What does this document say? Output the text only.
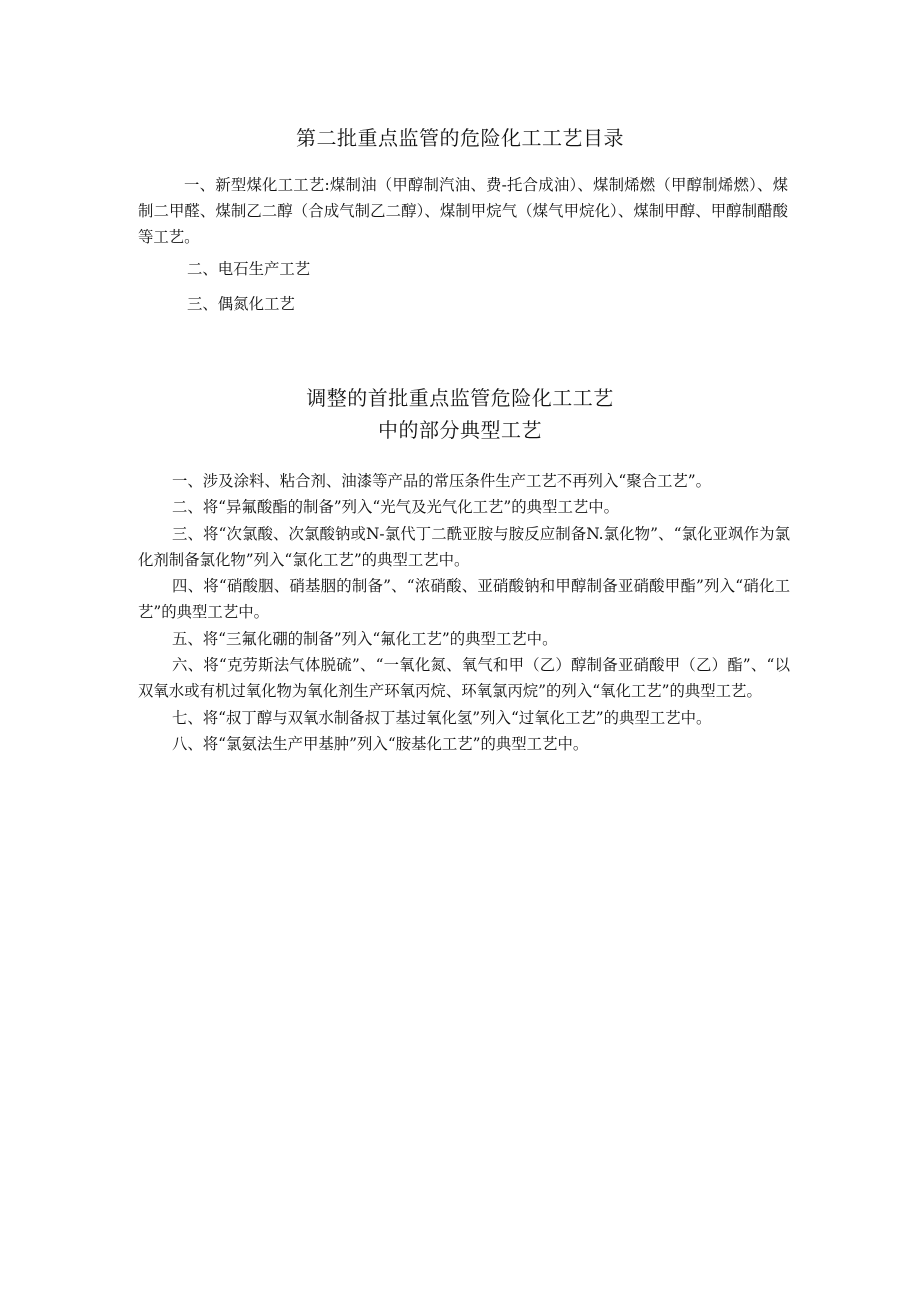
第二批重点监管的危险化工工艺目录

一、新型煤化工工艺:煤制油（甲醇制汽油、费-托合成油）、煤制烯燃（甲醇制烯燃）、煤制二甲醛、煤制乙二醇（合成气制乙二醇）、煤制甲烷气（煤气甲烷化）、煤制甲醇、甲醇制醋酸等工艺。

二、电石生产工艺

三、偶氮化工艺

调整的首批重点监管危险化工工艺
中的部分典型工艺

一、涉及涂料、粘合剂、油漆等产品的常压条件生产工艺不再列入“聚合工艺”。

二、将“异氟酸酯的制备”列入“光气及光气化工艺”的典型工艺中。

三、将“次氯酸、次氯酸钠或N-氯代丁二酰亚胺与胺反应制备N.氯化物”、“氯化亚飒作为氯化剂制备氯化物”列入“氯化工艺”的典型工艺中。

四、将“硝酸胭、硝基胭的制备”、“浓硝酸、亚硝酸钠和甲醇制备亚硝酸甲酯”列入“硝化工艺”的典型工艺中。

五、将“三氟化硼的制备”列入“氟化工艺”的典型工艺中。

六、将“克劳斯法气体脱硫”、“一氧化氮、氧气和甲（乙）醇制备亚硝酸甲（乙）酯”、“以双氧水或有机过氧化物为氧化剂生产环氧丙烷、环氧氯丙烷”的列入“氧化工艺”的典型工艺。

七、将“叔丁醇与双氧水制备叔丁基过氧化氢”列入“过氧化工艺”的典型工艺中。

八、将“氯氨法生产甲基肿”列入“胺基化工艺”的典型工艺中。
